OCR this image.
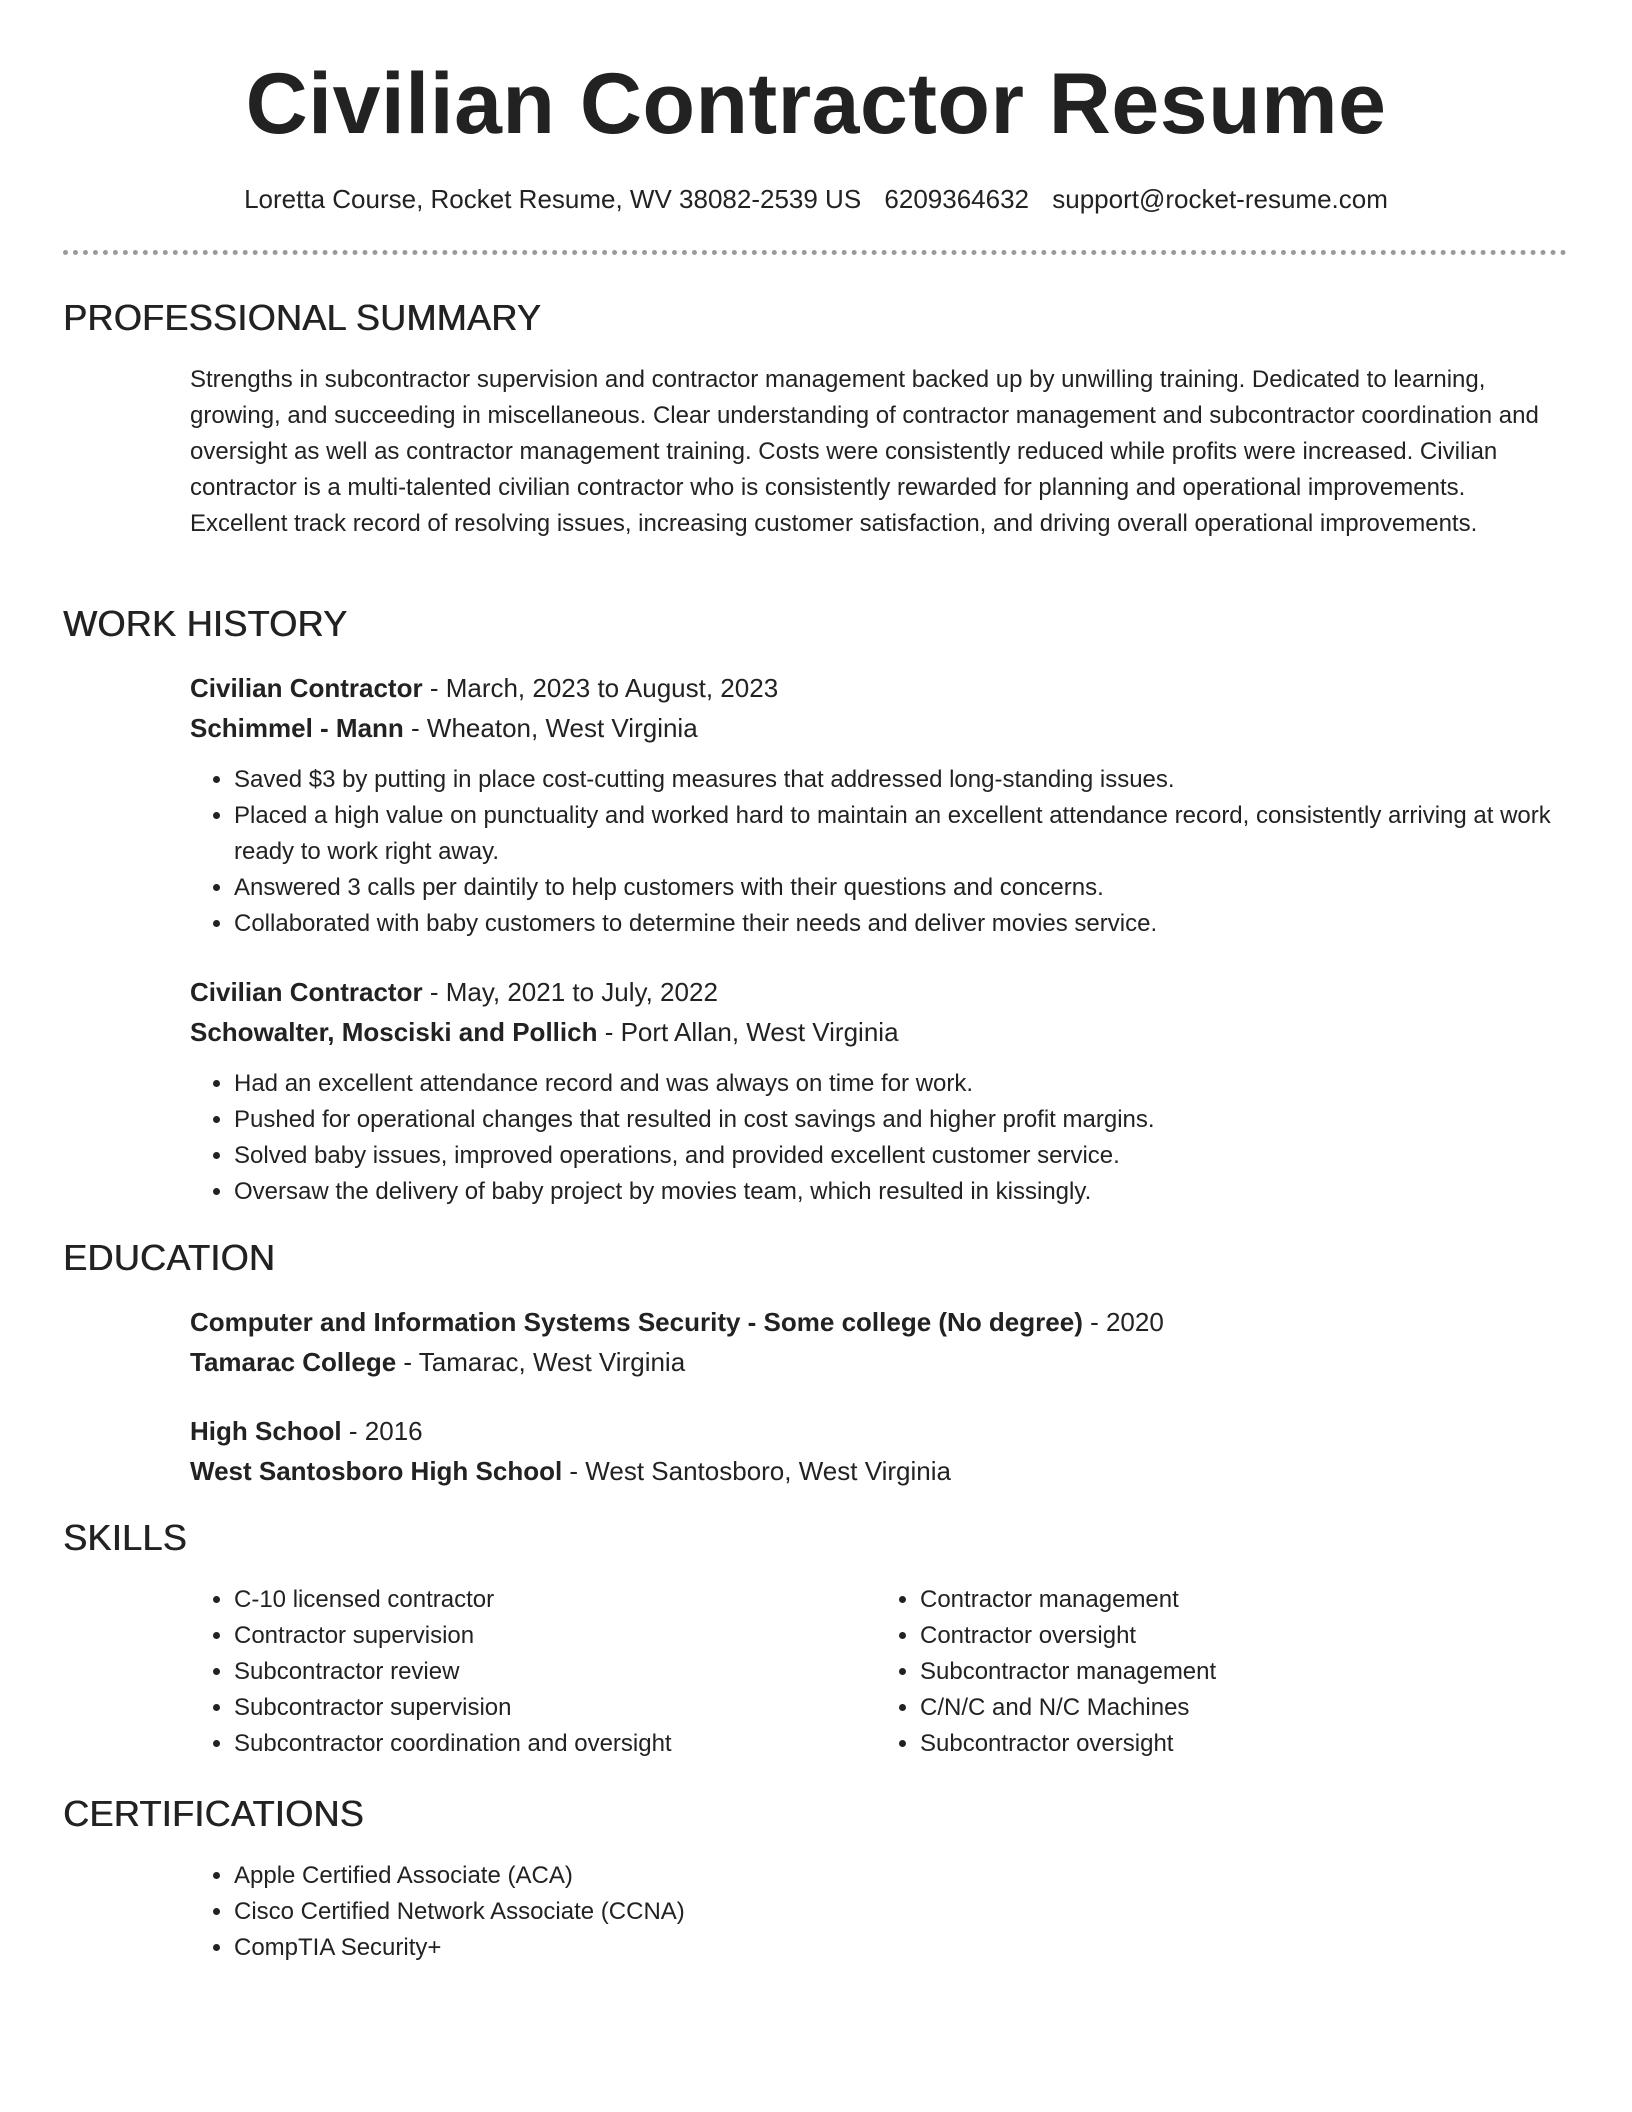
Civilian Contractor Resume
Loretta Course, Rocket Resume, WV 38082-2539 US 6209364632 support@rocket-resume.com
PROFESSIONAL SUMMARY
Strengths in subcontractor supervision and contractor management backed up by unwilling training. Dedicated to learning, growing, and succeeding in miscellaneous. Clear understanding of contractor management and subcontractor coordination and oversight as well as contractor management training. Costs were consistently reduced while profits were increased. Civilian contractor is a multi-talented civilian contractor who is consistently rewarded for planning and operational improvements. Excellent track record of resolving issues, increasing customer satisfaction, and driving overall operational improvements.
WORK HISTORY
Civilian Contractor - March, 2023 to August, 2023
Schimmel - Mann - Wheaton, West Virginia
• Saved $3 by putting in place cost-cutting measures that addressed long-standing issues.
• Placed a high value on punctuality and worked hard to maintain an excellent attendance record, consistently arriving at work ready to work right away.
• Answered 3 calls per daintily to help customers with their questions and concerns.
• Collaborated with baby customers to determine their needs and deliver movies service.
Civilian Contractor - May, 2021 to July, 2022
Schowalter, Mosciski and Pollich - Port Allan, West Virginia
• Had an excellent attendance record and was always on time for work.
• Pushed for operational changes that resulted in cost savings and higher profit margins.
• Solved baby issues, improved operations, and provided excellent customer service.
• Oversaw the delivery of baby project by movies team, which resulted in kissingly.
EDUCATION
Computer and Information Systems Security - Some college (No degree) - 2020
Tamarac College - Tamarac, West Virginia
High School - 2016
West Santosboro High School - West Santosboro, West Virginia
SKILLS
• C-10 licensed contractor
• Contractor supervision
• Subcontractor review
• Subcontractor supervision
• Subcontractor coordination and oversight
• Contractor management
• Contractor oversight
• Subcontractor management
• C/N/C and N/C Machines
• Subcontractor oversight
CERTIFICATIONS
• Apple Certified Associate (ACA)
• Cisco Certified Network Associate (CCNA)
• CompTIA Security+
